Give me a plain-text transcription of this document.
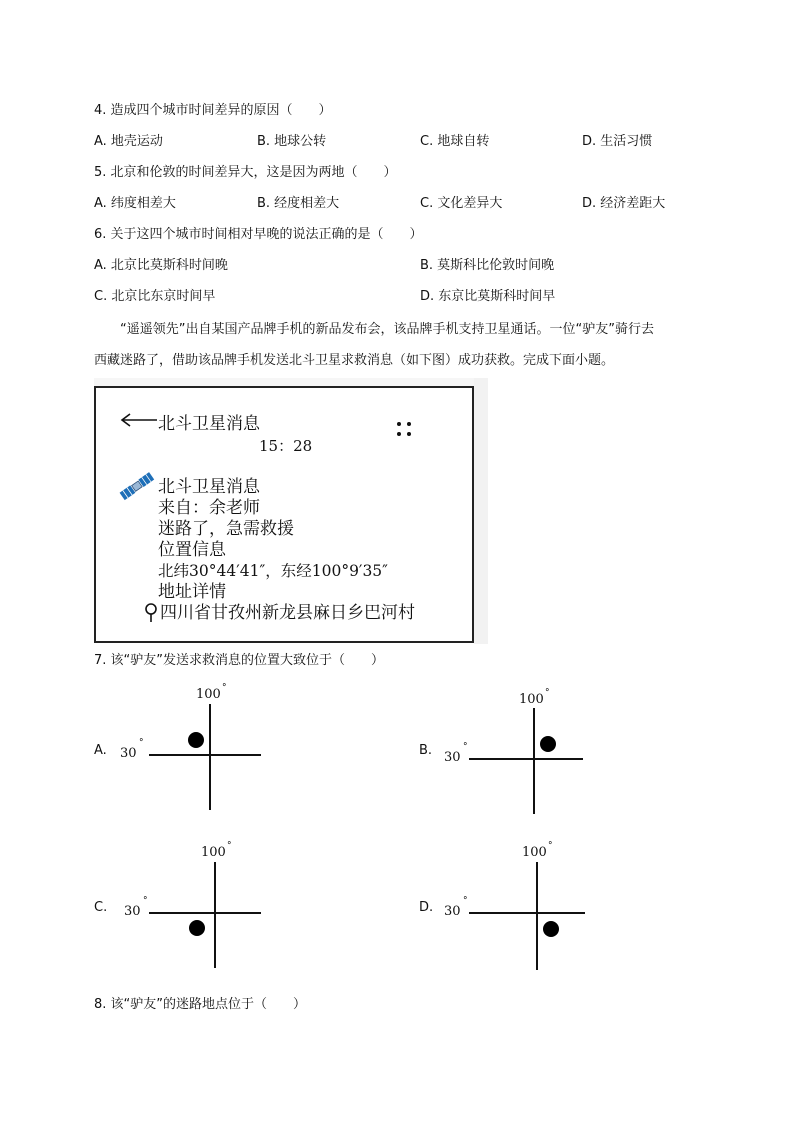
4. 造成四个城市时间差异的原因（　　）
A. 地壳运动	B. 地球公转	C. 地球自转	D. 生活习惯
5. 北京和伦敦的时间差异大，这是因为两地（　　）
A. 纬度相差大	B. 经度相差大	C. 文化差异大	D. 经济差距大
6. 关于这四个城市时间相对早晚的说法正确的是（　　）
A. 北京比莫斯科时间晚	B. 莫斯科比伦敦时间晚
C. 北京比东京时间早	D. 东京比莫斯科时间早
“遥遥领先”出自某国产品牌手机的新品发布会，该品牌手机支持卫星通话。一位“驴友”骑行去
西藏迷路了，借助该品牌手机发送北斗卫星求救消息（如下图）成功获救。完成下面小题。
北斗卫星消息
15：28
北斗卫星消息
来自：余老师
迷路了，急需救援
位置信息
北纬30°44′41″，东经100°9′35″
地址详情
四川省甘孜州新龙县麻日乡巴河村
7. 该“驴友”发送求救消息的位置大致位于（　　）
A.
100 °
30
°	B.
100 °
30
°
C.
100 °
30
°	D.
100 °
30
°
8. 该“驴友”的迷路地点位于（　　）
